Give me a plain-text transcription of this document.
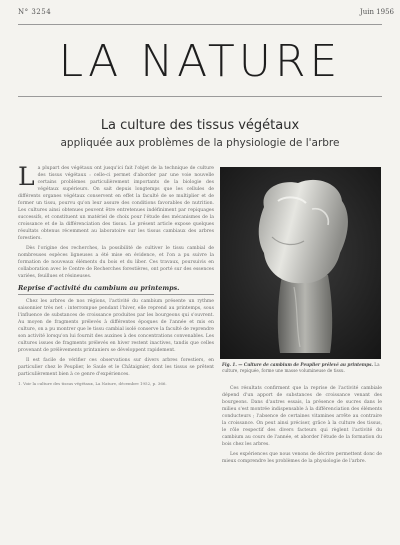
N° 3254	Juin 1956
LA NATURE
La culture des tissus végétaux
appliquée aux problèmes de la physiologie de l'arbre

La plupart des végétaux ont jusqu'ici fait l'objet de la technique de culture des tissus végétaux : celle-ci permet d'aborder par une voie nouvelle certains problèmes particulièrement importants de la biologie des végétaux supérieurs. On sait depuis longtemps que les cellules de différents organes végétaux conservent en effet la faculté de se multiplier et de former un tissu, pourvu qu'on leur assure des conditions favorables de nutrition. Les cultures ainsi obtenues peuvent être entretenues indéfiniment par repiquages successifs, et constituent un matériel de choix pour l'étude des mécanismes de la croissance et de la différenciation des tissus. Le présent article expose quelques résultats obtenus récemment au laboratoire sur les tissus cambiaux des arbres forestiers.

Dès l'origine des recherches, la possibilité de cultiver le tissu cambial de nombreuses espèces ligneuses a été mise en évidence, et l'on a pu suivre la formation de nouveaux éléments du bois et du liber. Ces travaux, poursuivis en collaboration avec le Centre de Recherches forestières, ont porté sur des essences variées, feuillues et résineuses.

Reprise d'activité du cambium au printemps.

Chez les arbres de nos régions, l'activité du cambium présente un rythme saisonnier très net : interrompue pendant l'hiver, elle reprend au printemps, sous l'influence de substances de croissance produites par les bourgeons qui s'ouvrent. Au moyen de fragments prélevés à différentes époques de l'année et mis en culture, on a pu montrer que le tissu cambial isolé conserve la faculté de reprendre son activité lorsqu'on lui fournit des auxines à des concentrations convenables. Les cultures issues de fragments prélevés en hiver restent inactives, tandis que celles provenant de prélèvements printaniers se développent rapidement.

Il est facile de vérifier ces observations sur divers arbres forestiers, en particulier chez le Peuplier, le Saule et le Châtaignier, dont les tissus se prêtent particulièrement bien à ce genre d'expériences.

1. Voir la culture des tissus végétaux, La Nature, décembre 1952, p. 366.
Fig. 1. — Culture de cambium de Peuplier prélevé au printemps. La culture, repiquée, forme une masse volumineuse de tissu.

Ces résultats confirment que la reprise de l'activité cambiale dépend d'un apport de substances de croissance venant des bourgeons. Dans d'autres essais, la présence de sucres dans le milieu s'est montrée indispensable à la différenciation des éléments conducteurs ; l'absence de certaines vitamines arrête au contraire la croissance. On peut ainsi préciser, grâce à la culture des tissus, le rôle respectif des divers facteurs qui règlent l'activité du cambium au cours de l'année, et aborder l'étude de la formation du bois chez les arbres.

Les expériences que nous venons de décrire permettent donc de mieux comprendre les problèmes de la physiologie de l'arbre.
